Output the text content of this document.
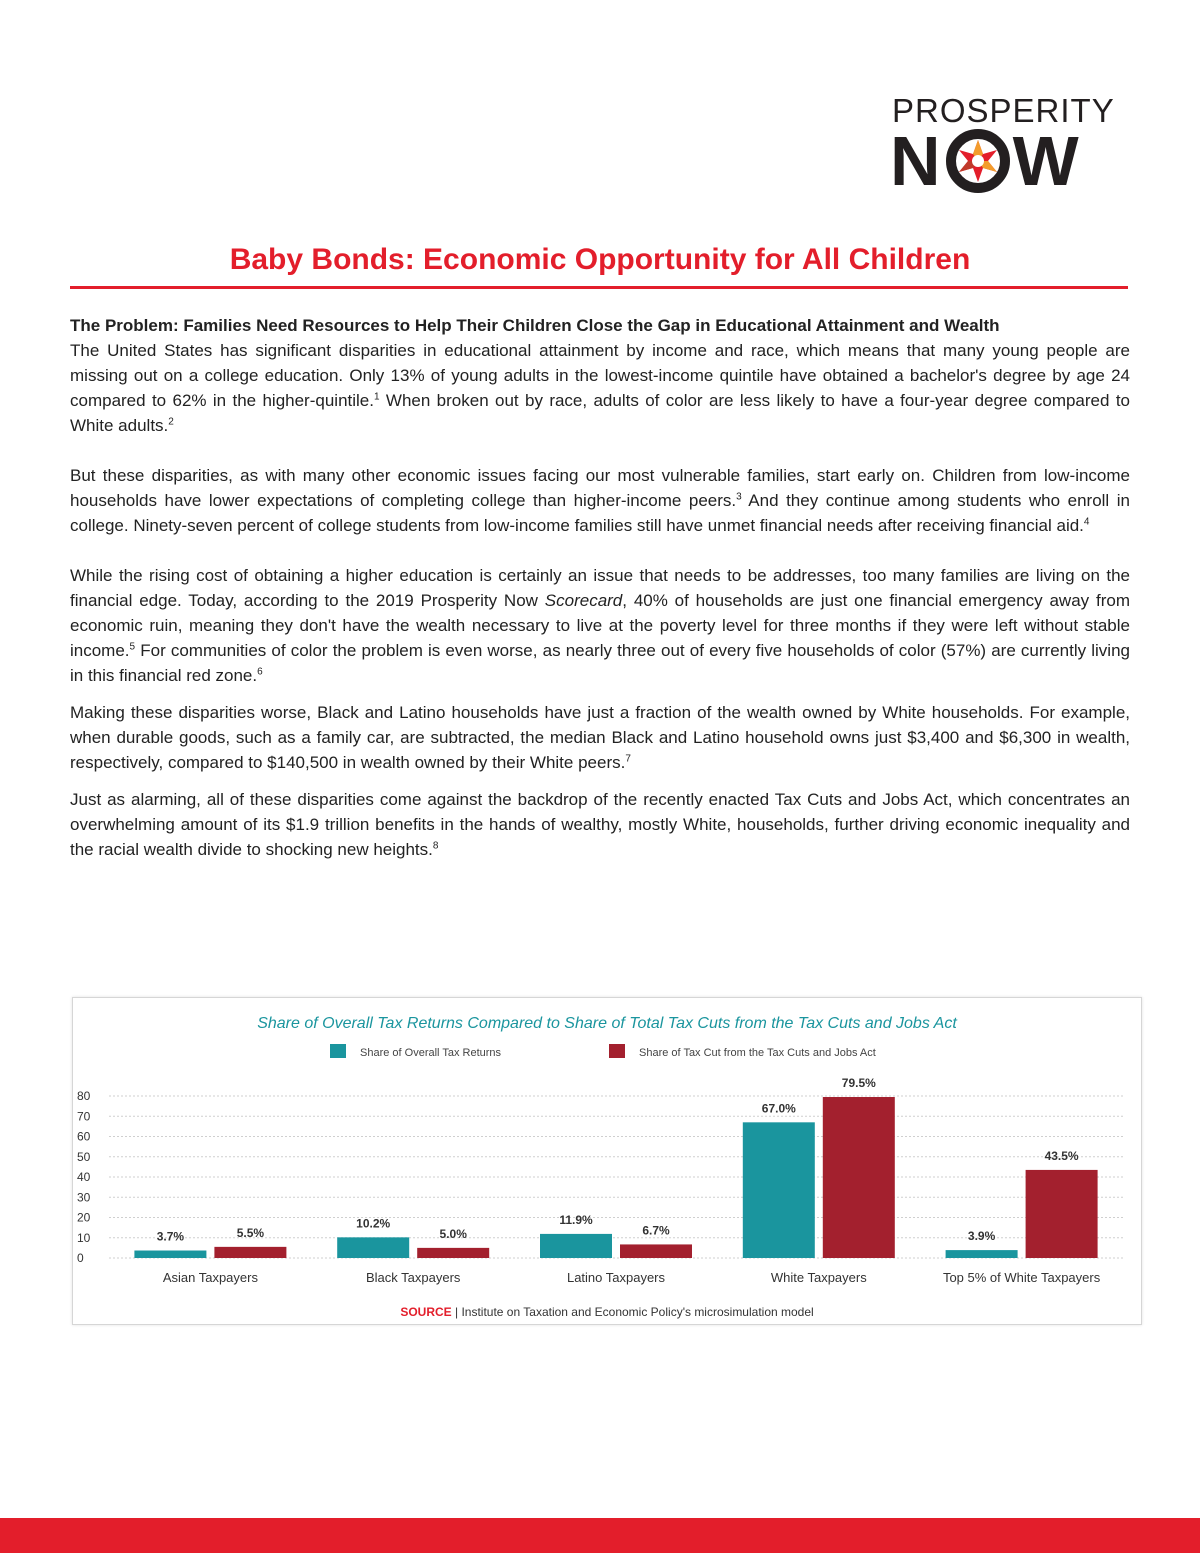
PROSPERITY
N W
Baby Bonds: Economic Opportunity for All Children

The Problem: Families Need Resources to Help Their Children Close the Gap in Educational Attainment and Wealth
The United States has significant disparities in educational attainment by income and race, which means that many young people are missing out on a college education. Only 13% of young adults in the lowest-income quintile have obtained a bachelor's degree by age 24 compared to 62% in the higher-quintile.$^1$ When broken out by race, adults of color are less likely to have a four-year degree compared to White adults.$^2$

But these disparities, as with many other economic issues facing our most vulnerable families, start early on. Children from low-income households have lower expectations of completing college than higher-income peers.$^3$ And they continue among students who enroll in college. Ninety-seven percent of college students from low-income families still have unmet financial needs after receiving financial aid.$^4$

While the rising cost of obtaining a higher education is certainly an issue that needs to be addresses, too many families are living on the financial edge. Today, according to the 2019 Prosperity Now Scorecard, 40% of households are just one financial emergency away from economic ruin, meaning they don't have the wealth necessary to live at the poverty level for three months if they were left without stable income.$^5$ For communities of color the problem is even worse, as nearly three out of every five households of color (57%) are currently living in this financial red zone.$^6$

Making these disparities worse, Black and Latino households have just a fraction of the wealth owned by White households. For example, when durable goods, such as a family car, are subtracted, the median Black and Latino household owns just $3,400 and $6,300 in wealth, respectively, compared to $140,500 in wealth owned by their White peers.$^7$

Just as alarming, all of these disparities come against the backdrop of the recently enacted Tax Cuts and Jobs Act, which concentrates an overwhelming amount of its $1.9 trillion benefits in the hands of wealthy, mostly White, households, further driving economic inequality and the racial wealth divide to shocking new heights.$^8$

Share of Overall Tax Returns Compared to Share of Total Tax Cuts from the Tax Cuts and Jobs Act
Share of Overall Tax Returns	Share of Tax Cut from the Tax Cuts and Jobs Act
0
10
20
30
40
50
60
70
80
3.7%	5.5%
Asian Taxpayers
10.2%
5.0%
Black Taxpayers
11.9%
6.7%
Latino Taxpayers
67.0%
79.5%
White Taxpayers
3.9%
43.5%
Top 5% of White Taxpayers
SOURCE | Institute on Taxation and Economic Policy's microsimulation model
